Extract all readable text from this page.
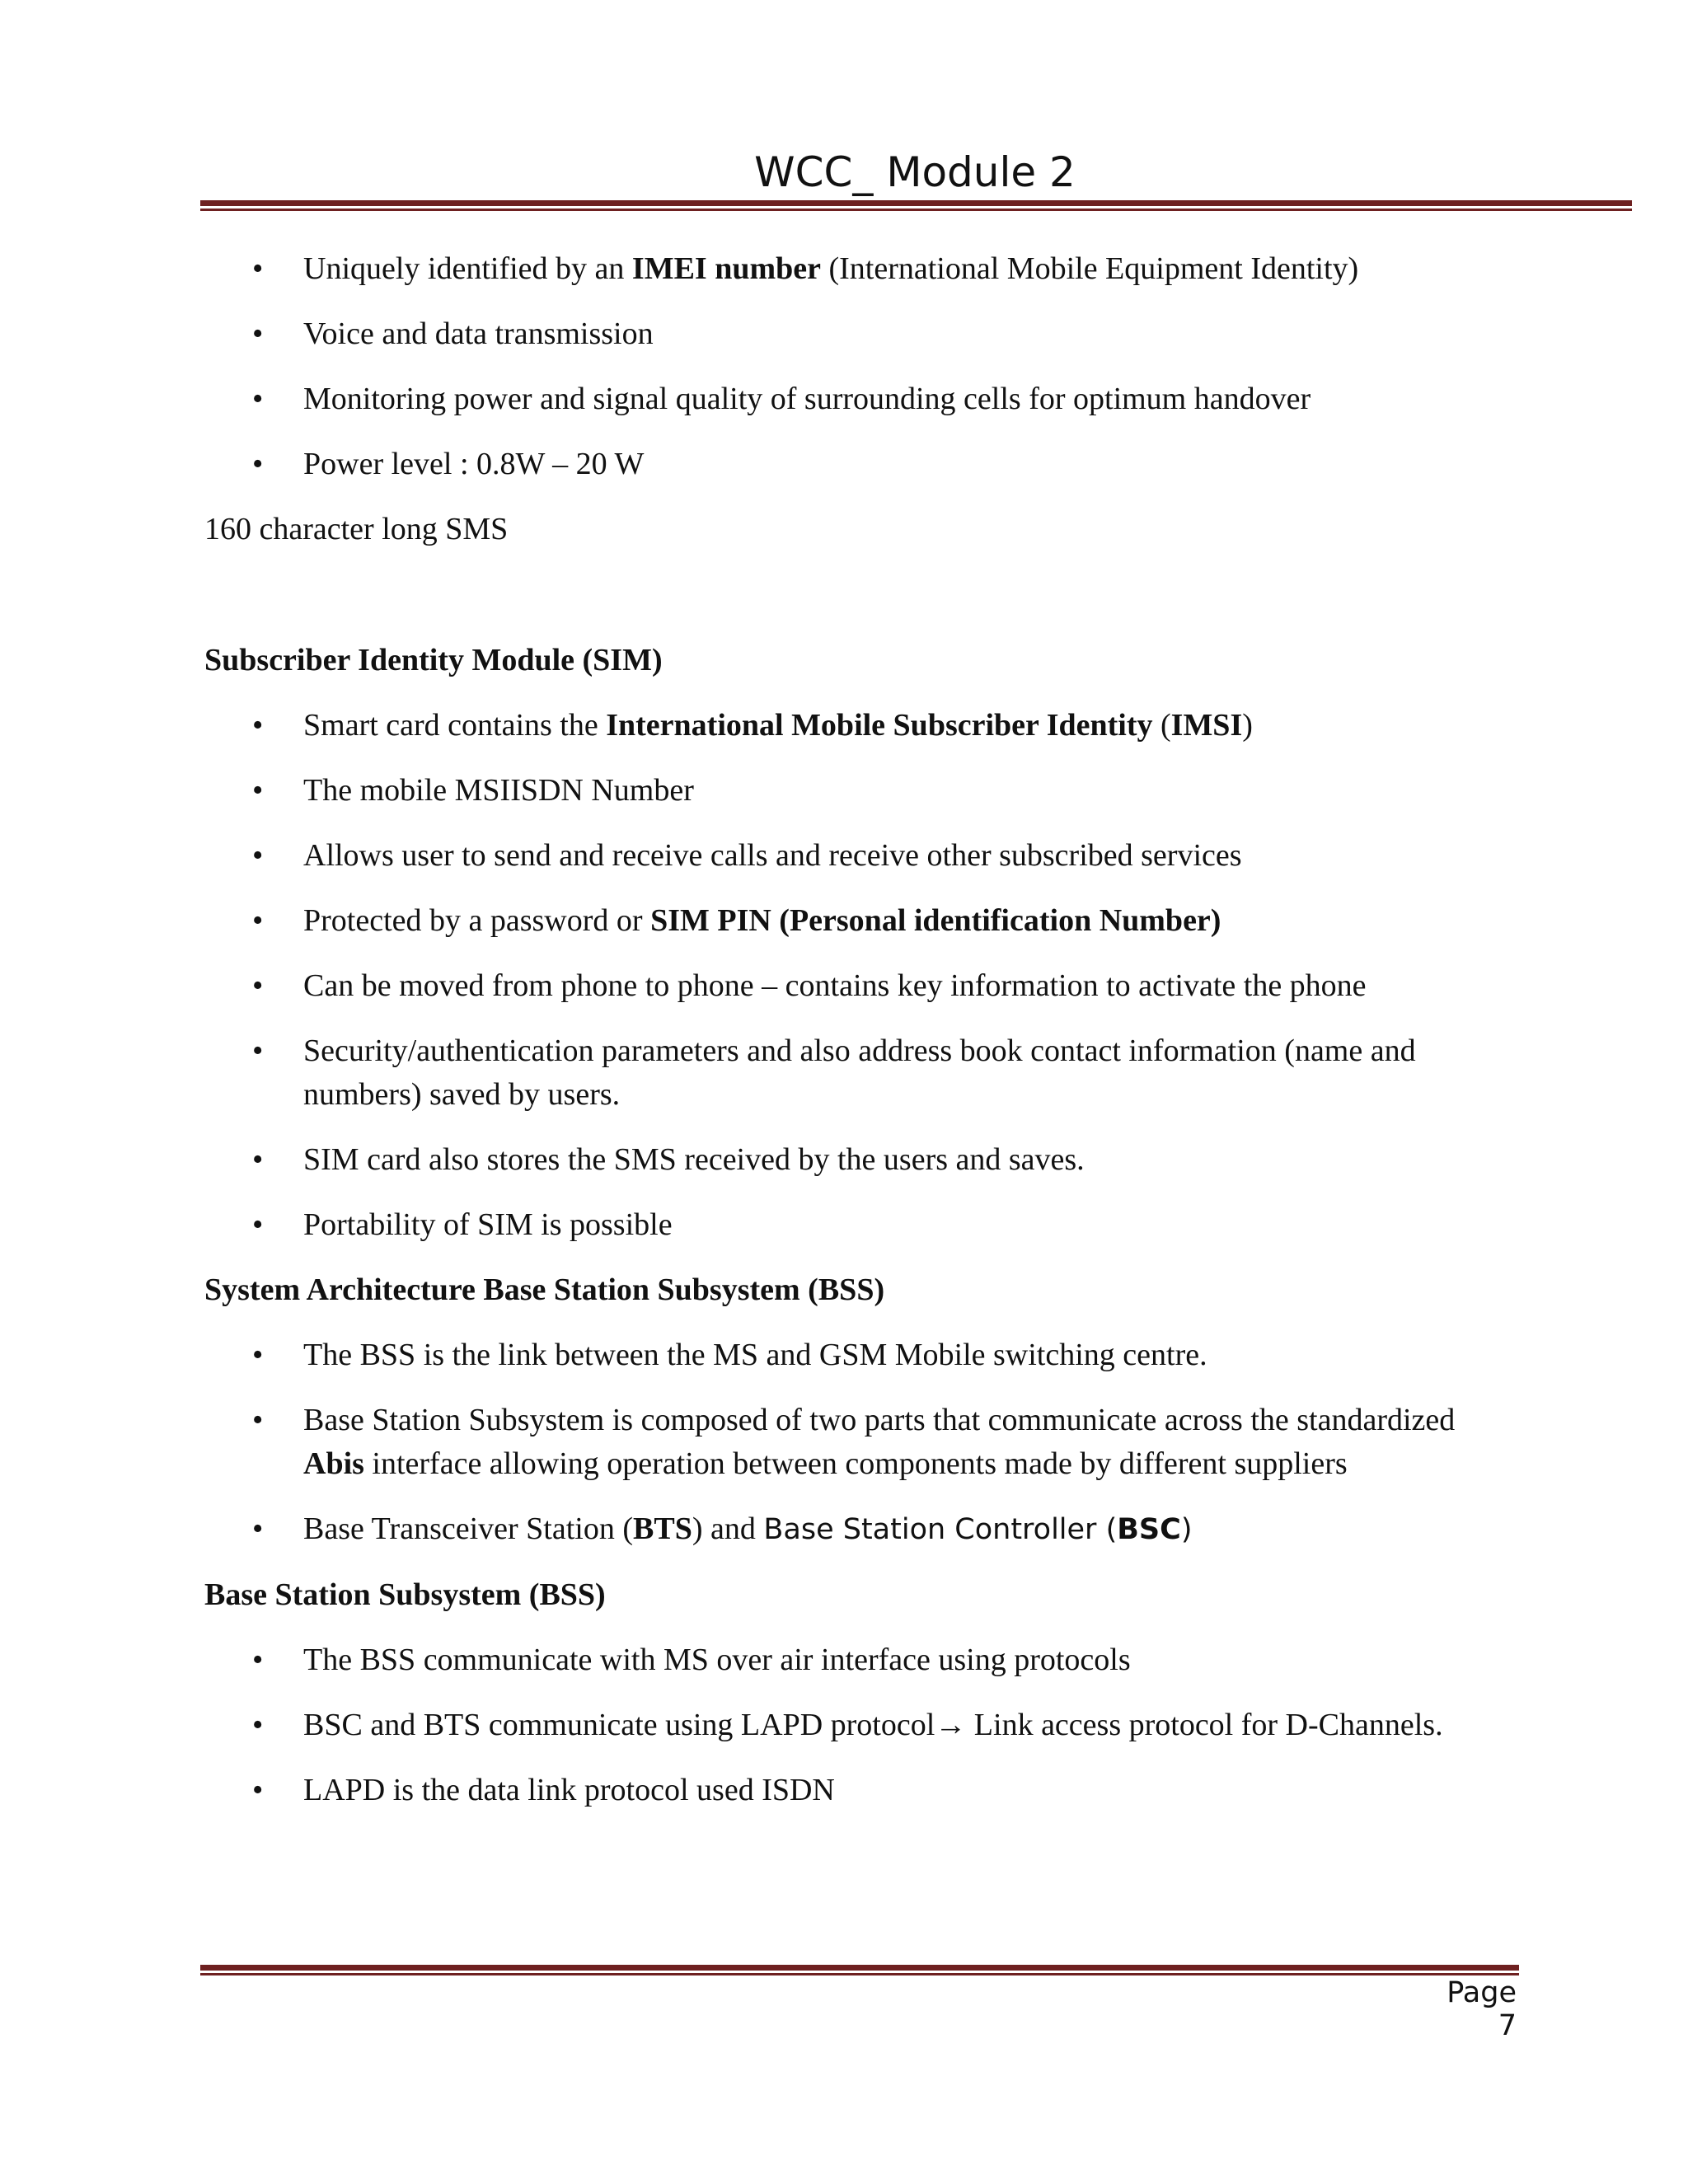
WCC_ Module 2
• Uniquely identified by an IMEI number (International Mobile Equipment Identity)
• Voice and data transmission
• Monitoring power and signal quality of surrounding cells for optimum handover
• Power level : 0.8W – 20 W

160 character long SMS

Subscriber Identity Module (SIM)

• Smart card contains the International Mobile Subscriber Identity (IMSI)
• The mobile MSIISDN Number
• Allows user to send and receive calls and receive other subscribed services
• Protected by a password or SIM PIN (Personal identification Number)
• Can be moved from phone to phone – contains key information to activate the phone
• Security/authentication parameters and also address book contact information (name and numbers) saved by users.
• SIM card also stores the SMS received by the users and saves.
• Portability of SIM is possible

System Architecture Base Station Subsystem (BSS)

• The BSS is the link between the MS and GSM Mobile switching centre.
• Base Station Subsystem is composed of two parts that communicate across the standardized Abis interface allowing operation between components made by different suppliers
• Base Transceiver Station (BTS) and Base Station Controller (BSC)

Base Station Subsystem (BSS)

• The BSS communicate with MS over air interface using protocols
• BSC and BTS communicate using LAPD protocol→ Link access protocol for D-Channels.
• LAPD is the data link protocol used ISDN
Page 7
